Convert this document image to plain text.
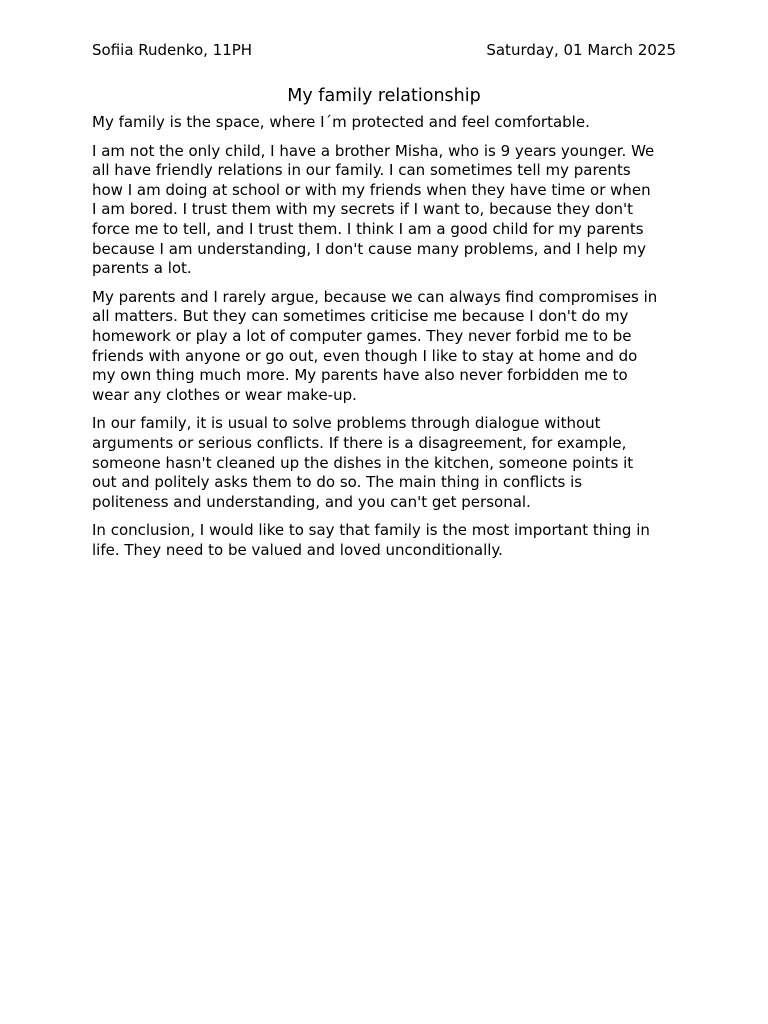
Sofiia Rudenko, 11PH	Saturday, 01 March 2025
My family relationship

My family is the space, where I´m protected and feel comfortable.

I am not the only child, I have a brother Misha, who is 9 years younger. We
all have friendly relations in our family. I can sometimes tell my parents
how I am doing at school or with my friends when they have time or when
I am bored. I trust them with my secrets if I want to, because they don't
force me to tell, and I trust them. I think I am a good child for my parents
because I am understanding, I don't cause many problems, and I help my
parents a lot.

My parents and I rarely argue, because we can always find compromises in
all matters. But they can sometimes criticise me because I don't do my
homework or play a lot of computer games. They never forbid me to be
friends with anyone or go out, even though I like to stay at home and do
my own thing much more. My parents have also never forbidden me to
wear any clothes or wear make-up.

In our family, it is usual to solve problems through dialogue without
arguments or serious conflicts. If there is a disagreement, for example,
someone hasn't cleaned up the dishes in the kitchen, someone points it
out and politely asks them to do so. The main thing in conflicts is
politeness and understanding, and you can't get personal.

In conclusion, I would like to say that family is the most important thing in
life. They need to be valued and loved unconditionally.
